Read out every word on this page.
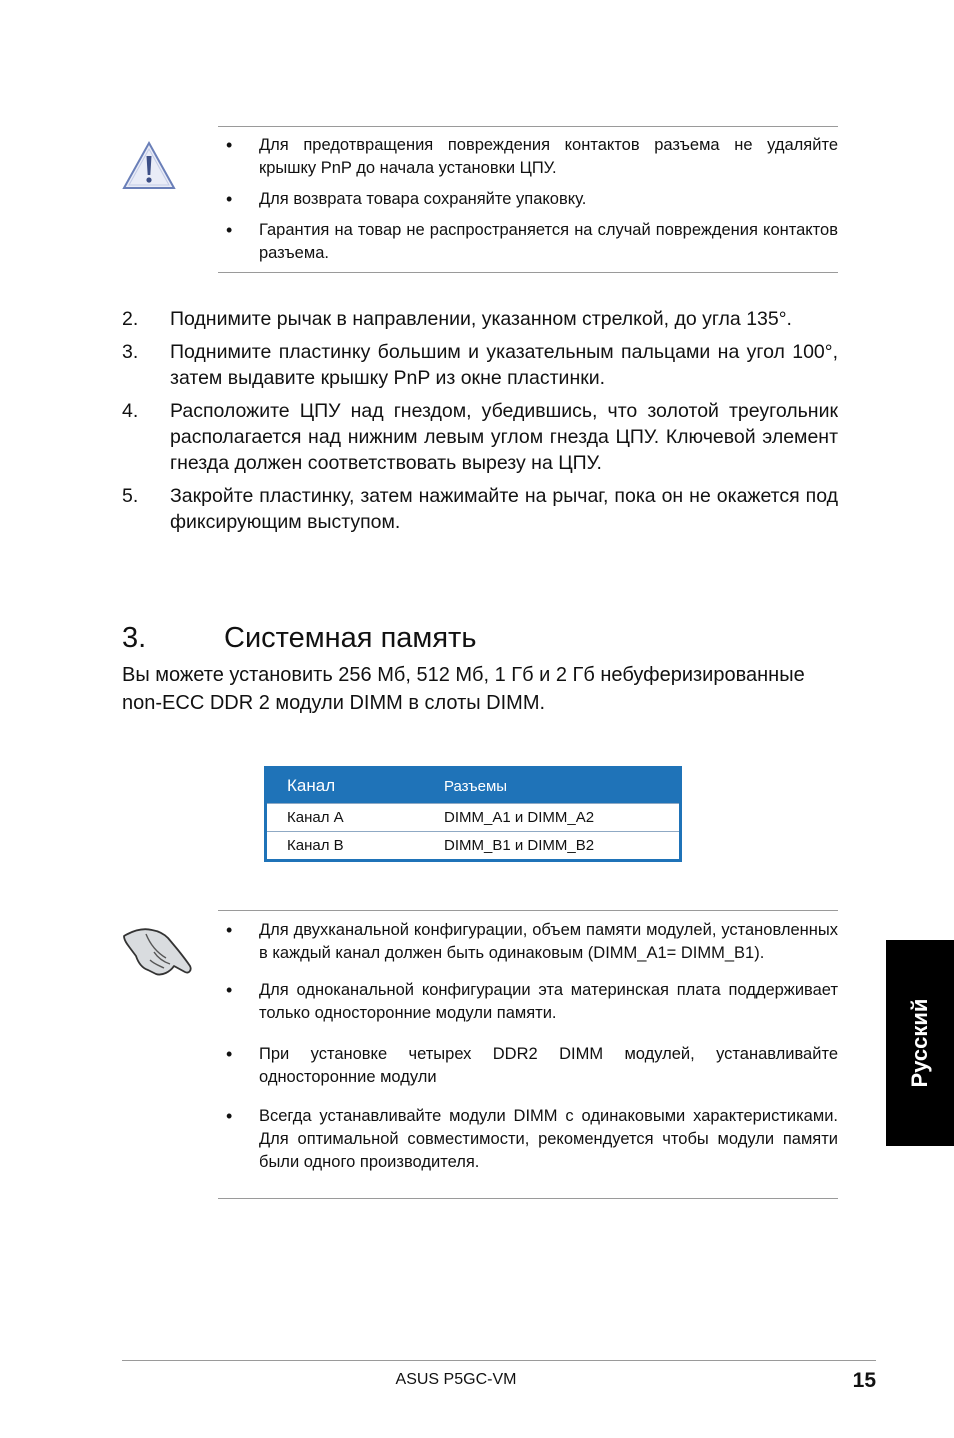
• Для предотвращения повреждения контактов разъема не удаляйте крышку PnP до начала установки ЦПУ.
• Для возврата товара сохраняйте упаковку.
• Гарантия на товар не распространяется на случай повреждения контактов разъема.
2. Поднимите рычак в направлении, указанном стрелкой, до угла 135°.
3. Поднимите пластинку большим и указательным пальцами на угол 100°, затем выдавите крышку PnP из окне пластинки.
4. Расположите ЦПУ над гнездом, убедившись, что золотой треугольник располагается над нижним левым углом гнезда ЦПУ. Ключевой элемент гнезда должен соответствовать вырезу на ЦПУ.
5. Закройте пластинку, затем нажимайте на рычаг, пока он не окажется под фиксирующим выступом.
3.	Системная память
Вы можете установить 256 Мб, 512 Мб, 1 Гб и 2 Гб небуферизированные non-ECC DDR 2 модули DIMM в слоты DIMM.
Канал	Разъемы
Канал A	DIMM_A1 и DIMM_A2
Канал B	DIMM_B1 и DIMM_B2
• Для двухканальной конфигурации, объем памяти модулей, установленных в каждый канал должен быть одинаковым (DIMM_A1= DIMM_B1).
• Для одноканальной конфигурации эта материнская плата поддерживает только односторонние модули памяти.
• При установке четырех DDR2 DIMM модулей, устанавливайте односторонние модули
• Всегда устанавливайте модули DIMM с одинаковыми характеристиками. Для оптимальной совместимости, рекомендуется чтобы модули памяти были одного производителя.
Русский
ASUS P5GC-VM	15
